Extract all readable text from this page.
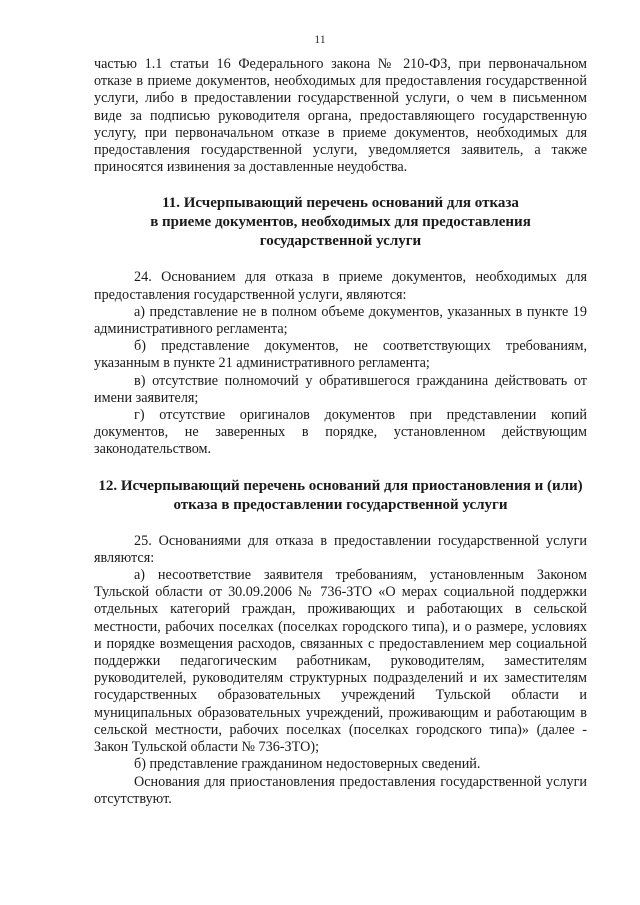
11

частью 1.1 статьи 16 Федерального закона № 210-ФЗ, при первоначальном отказе в приеме документов, необходимых для предоставления государственной услуги, либо в предоставлении государственной услуги, о чем в письменном виде за подписью руководителя органа, предоставляющего государственную услугу, при первоначальном отказе в приеме документов, необходимых для предоставления государственной услуги, уведомляется заявитель, а также приносятся извинения за доставленные неудобства.

11. Исчерпывающий перечень оснований для отказа

в приеме документов, необходимых для предоставления

государственной услуги

24. Основанием для отказа в приеме документов, необходимых для предоставления государственной услуги, являются:

а) представление не в полном объеме документов, указанных в пункте 19 административного регламента;

б) представление документов, не соответствующих требованиям, указанным в пункте 21 административного регламента;

в) отсутствие полномочий у обратившегося гражданина действовать от имени заявителя;

г) отсутствие оригиналов документов при представлении копий документов, не заверенных в порядке, установленном действующим законодательством.

12. Исчерпывающий перечень оснований для приостановления и (или)

отказа в предоставлении государственной услуги

25. Основаниями для отказа в предоставлении государственной услуги являются:

а) несоответствие заявителя требованиям, установленным Законом Тульской области от 30.09.2006 № 736-ЗТО «О мерах социальной поддержки отдельных категорий граждан, проживающих и работающих в сельской местности, рабочих поселках (поселках городского типа), и о размере, условиях и порядке возмещения расходов, связанных с предоставлением мер социальной поддержки педагогическим работникам, руководителям, заместителям руководителей, руководителям структурных подразделений и их заместителям государственных образовательных учреждений Тульской области и муниципальных образовательных учреждений, проживающим и работающим в сельской местности, рабочих поселках (поселках городского типа)» (далее - Закон Тульской области № 736-ЗТО);

б) представление гражданином недостоверных сведений.

Основания для приостановления предоставления государственной услуги отсутствуют.
